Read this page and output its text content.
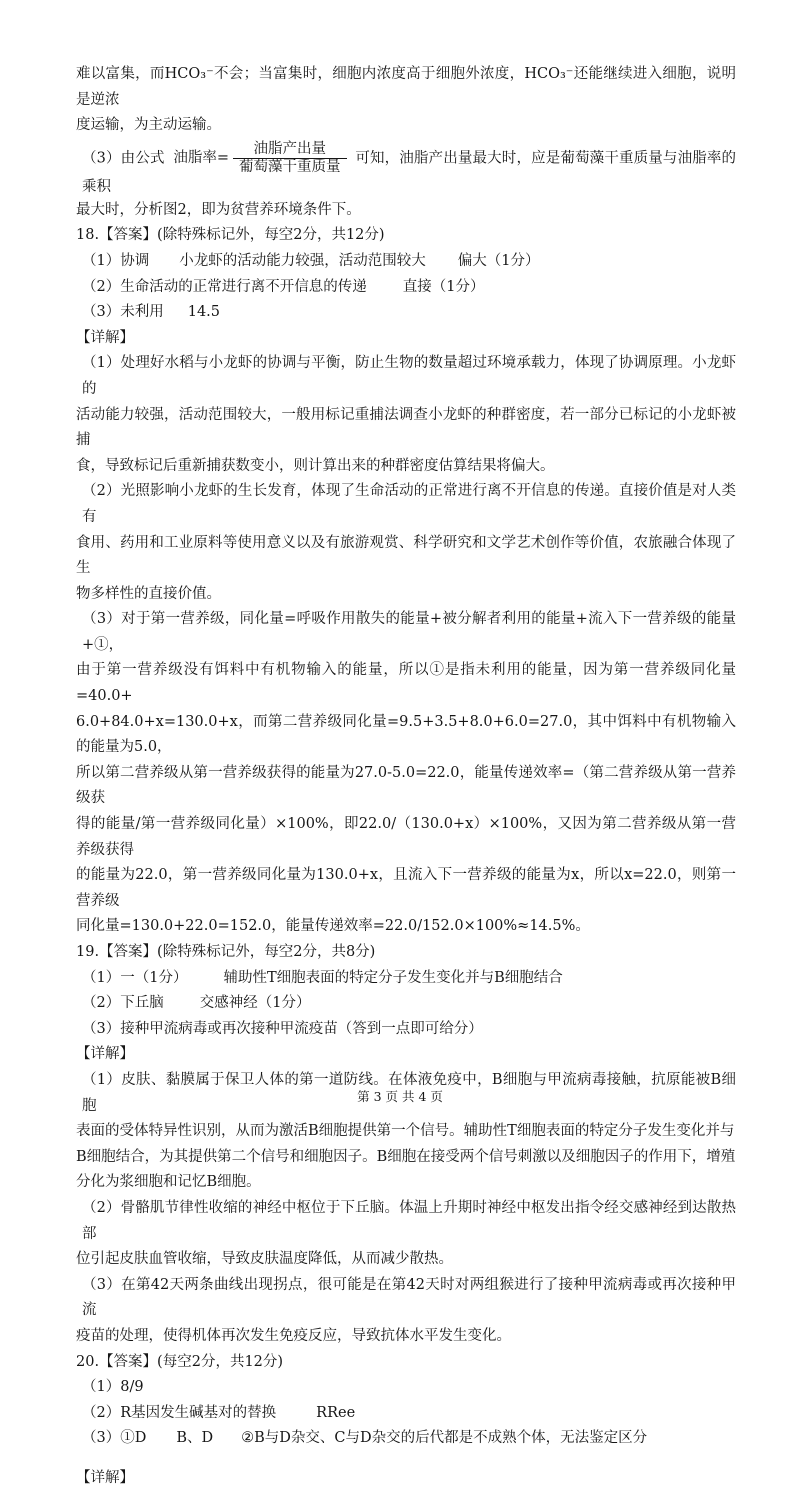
难以富集，而HCO₃⁻不会；当富集时，细胞内浓度高于细胞外浓度，HCO₃⁻还能继续进入细胞，说明是逆浓

度运输，为主动运输。

（3）由公式 油脂率= $\frac{\text{油脂产出量}}{\text{葡萄藻干重质量}}$ 可知，油脂产出量最大时，应是葡萄藻干重质量与油脂率的乘积

最大时，分析图2，即为贫营养环境条件下。

18.【答案】(除特殊标记外，每空2分，共12分)

（1）协调 小龙虾的活动能力较强，活动范围较大 偏大（1分）

（2）生命活动的正常进行离不开信息的传递 直接（1分）

（3）未利用 14.5

【详解】

（1）处理好水稻与小龙虾的协调与平衡，防止生物的数量超过环境承载力，体现了协调原理。小龙虾的

活动能力较强，活动范围较大，一般用标记重捕法调查小龙虾的种群密度，若一部分已标记的小龙虾被捕

食，导致标记后重新捕获数变小，则计算出来的种群密度估算结果将偏大。

（2）光照影响小龙虾的生长发育，体现了生命活动的正常进行离不开信息的传递。直接价值是对人类有

食用、药用和工业原料等使用意义以及有旅游观赏、科学研究和文学艺术创作等价值，农旅融合体现了生

物多样性的直接价值。

（3）对于第一营养级，同化量=呼吸作用散失的能量+被分解者利用的能量+流入下一营养级的能量+①，

由于第一营养级没有饵料中有机物输入的能量，所以①是指未利用的能量，因为第一营养级同化量=40.0+

6.0+84.0+x=130.0+x，而第二营养级同化量=9.5+3.5+8.0+6.0=27.0，其中饵料中有机物输入的能量为5.0，

所以第二营养级从第一营养级获得的能量为27.0-5.0=22.0，能量传递效率=（第二营养级从第一营养级获

得的能量/第一营养级同化量）×100%，即22.0/（130.0+x）×100%，又因为第二营养级从第一营养级获得

的能量为22.0，第一营养级同化量为130.0+x，且流入下一营养级的能量为x，所以x=22.0，则第一营养级

同化量=130.0+22.0=152.0，能量传递效率=22.0/152.0×100%≈14.5%。

19.【答案】(除特殊标记外，每空2分，共8分)

（1）一（1分） 辅助性T细胞表面的特定分子发生变化并与B细胞结合

（2）下丘脑 交感神经（1分）

（3）接种甲流病毒或再次接种甲流疫苗（答到一点即可给分）

【详解】

（1）皮肤、黏膜属于保卫人体的第一道防线。在体液免疫中，B细胞与甲流病毒接触，抗原能被B细胞

表面的受体特异性识别，从而为激活B细胞提供第一个信号。辅助性T细胞表面的特定分子发生变化并与

B细胞结合，为其提供第二个信号和细胞因子。B细胞在接受两个信号刺激以及细胞因子的作用下，增殖

分化为浆细胞和记忆B细胞。

（2）骨骼肌节律性收缩的神经中枢位于下丘脑。体温上升期时神经中枢发出指令经交感神经到达散热部

位引起皮肤血管收缩，导致皮肤温度降低，从而减少散热。

（3）在第42天两条曲线出现拐点，很可能是在第42天时对两组猴进行了接种甲流病毒或再次接种甲流

疫苗的处理，使得机体再次发生免疫反应，导致抗体水平发生变化。

20.【答案】(每空2分，共12分)

（1）8/9

（2）R基因发生碱基对的替换	RRee

（3）①D B、D ②B与D杂交、C与D杂交的后代都是不成熟个体，无法鉴定区分

【详解】

第 3 页 共 4 页
